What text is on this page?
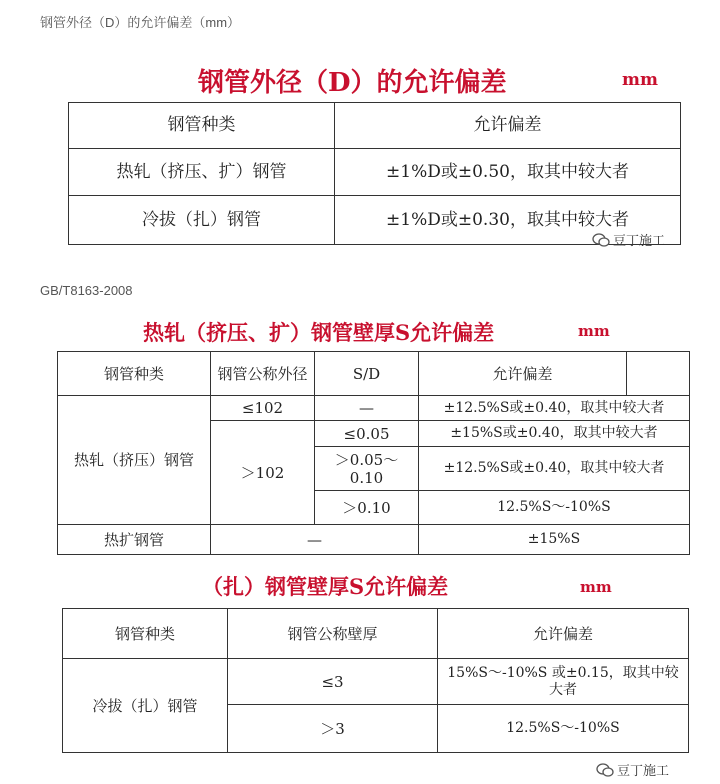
钢管外径（D）的允许偏差（mm）
钢管外径（D）的允许偏差	mm
钢管种类	允许偏差
热轧（挤压、扩）钢管	±1%D或±0.50，取其中较大者
冷拔（扎）钢管	±1%D或±0.30，取其中较大者
豆丁施工
GB/T8163-2008
热轧（挤压、扩）钢管壁厚S允许偏差	mm
钢管种类	钢管公称外径	S/D	允许偏差	
热轧（挤压）钢管	≤102	—	±12.5%S或±0.40，取其中较大者	
	＞102	≤0.05	±15%S或±0.40，取其中较大者	
		＞0.05～0.10	±12.5%S或±0.40，取其中较大者	
		＞0.10	12.5%S～-10%S	
热扩钢管	—		±15%S	
（扎）钢管壁厚S允许偏差	mm
钢管种类	钢管公称壁厚	允许偏差
冷拔（扎）钢管	≤3	15%S～-10%S 或±0.15，取其中较大者
	＞3	12.5%S～-10%S
豆丁施工
